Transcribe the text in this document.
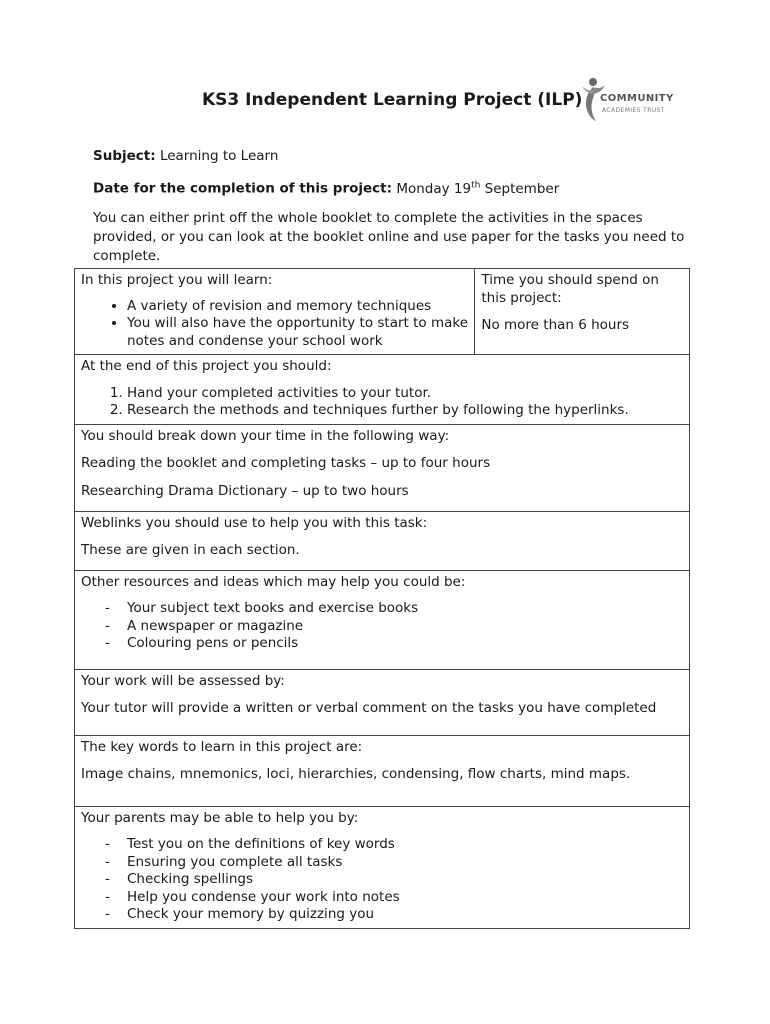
KS3 Independent Learning Project (ILP) COMMUNITY
ACADEMIES TRUST

Subject: Learning to Learn

Date for the completion of this project: Monday 19th September

You can either print off the whole booklet to complete the activities in the spaces provided, or you can look at the booklet online and use paper for the tasks you need to complete.

In this project you will learn:

• A variety of revision and memory techniques
• You will also have the opportunity to start to make notes and condense your school work

Time you should spend on this project:

No more than 6 hours

At the end of this project you should:

1. Hand your completed activities to your tutor.
2. Research the methods and techniques further by following the hyperlinks.

You should break down your time in the following way:

Reading the booklet and completing tasks – up to four hours

Researching Drama Dictionary – up to two hours

Weblinks you should use to help you with this task:

These are given in each section.

Other resources and ideas which may help you could be:

- Your subject text books and exercise books
- A newspaper or magazine
- Colouring pens or pencils

Your work will be assessed by:

Your tutor will provide a written or verbal comment on the tasks you have completed

The key words to learn in this project are:

Image chains, mnemonics, loci, hierarchies, condensing, flow charts, mind maps.

Your parents may be able to help you by:

- Test you on the definitions of key words
- Ensuring you complete all tasks
- Checking spellings
- Help you condense your work into notes
- Check your memory by quizzing you
